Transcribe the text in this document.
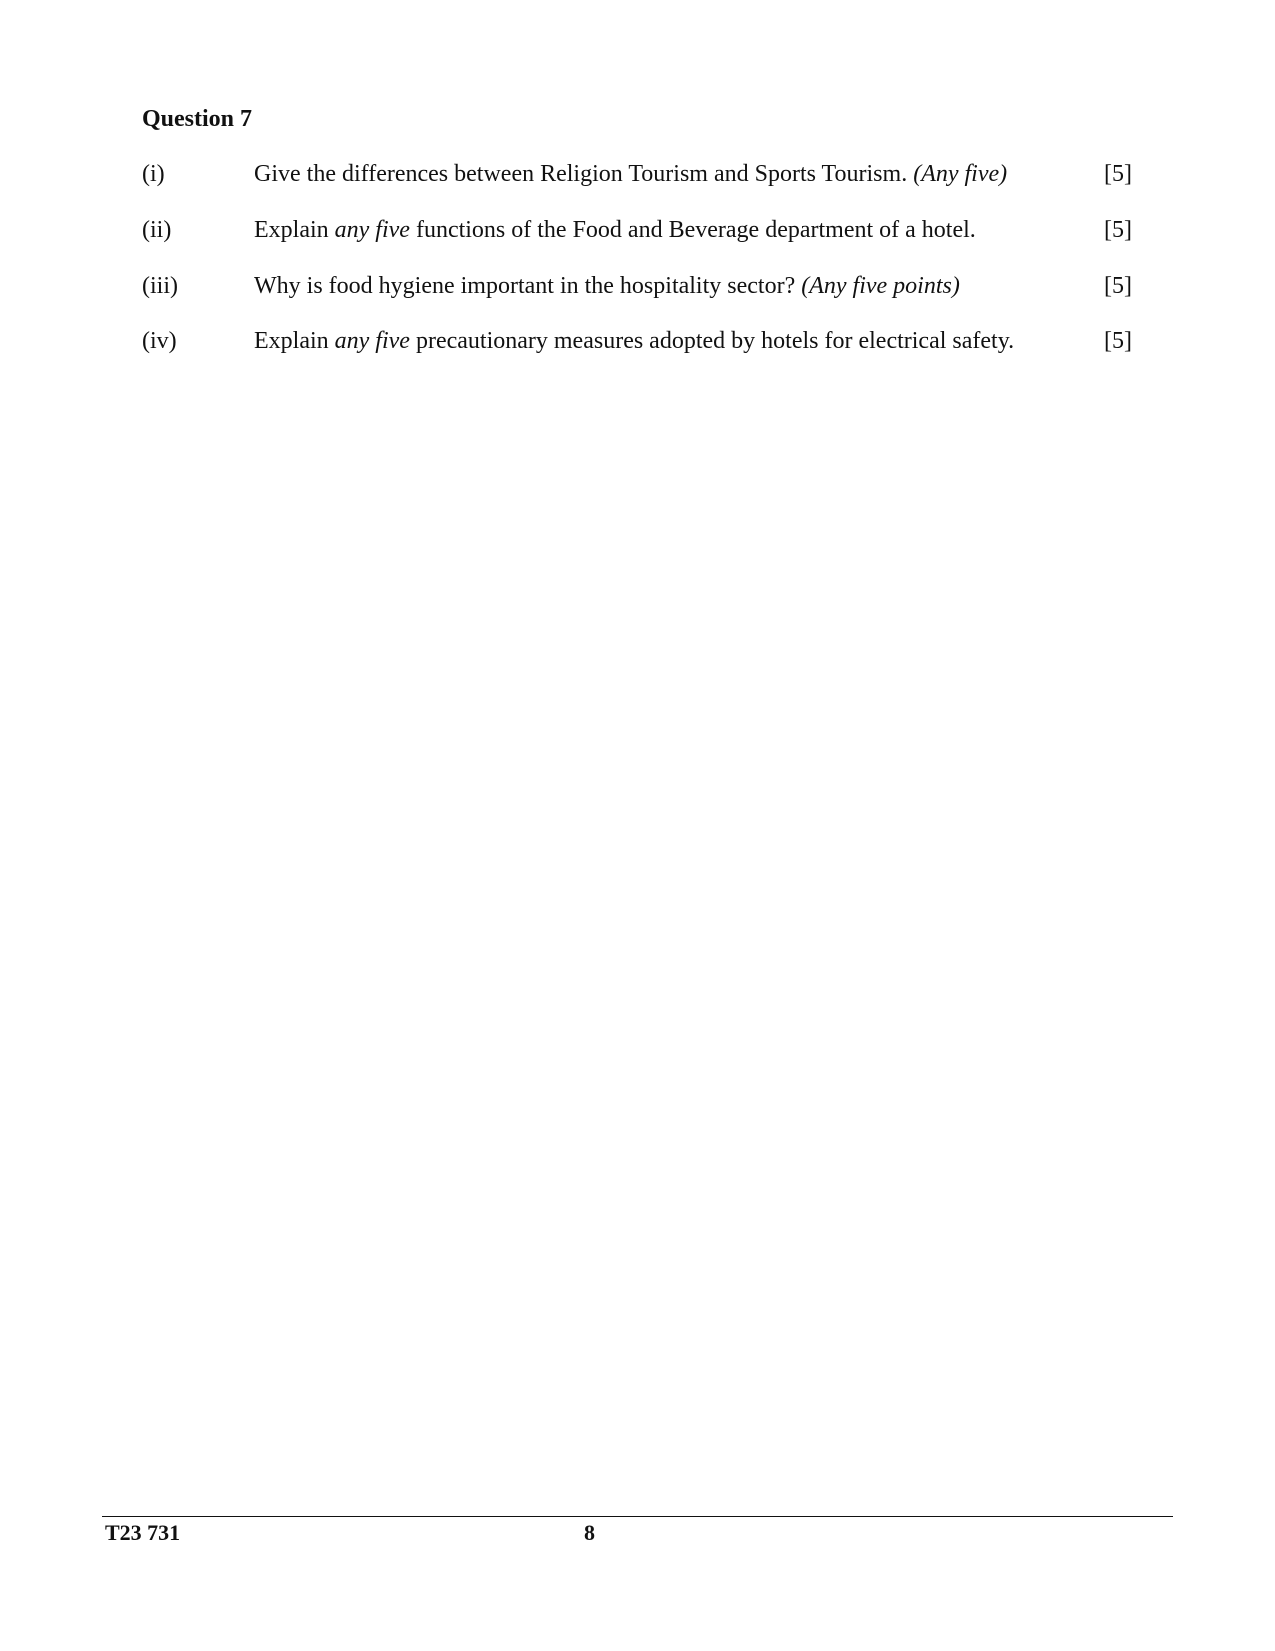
Question 7
(i)	Give the differences between Religion Tourism and Sports Tourism. (Any five)	[5]
(ii)	Explain any five functions of the Food and Beverage department of a hotel.	[5]
(iii)	Why is food hygiene important in the hospitality sector? (Any five points)	[5]
(iv)	Explain any five precautionary measures adopted by hotels for electrical safety.	[5]
T23 731	8
